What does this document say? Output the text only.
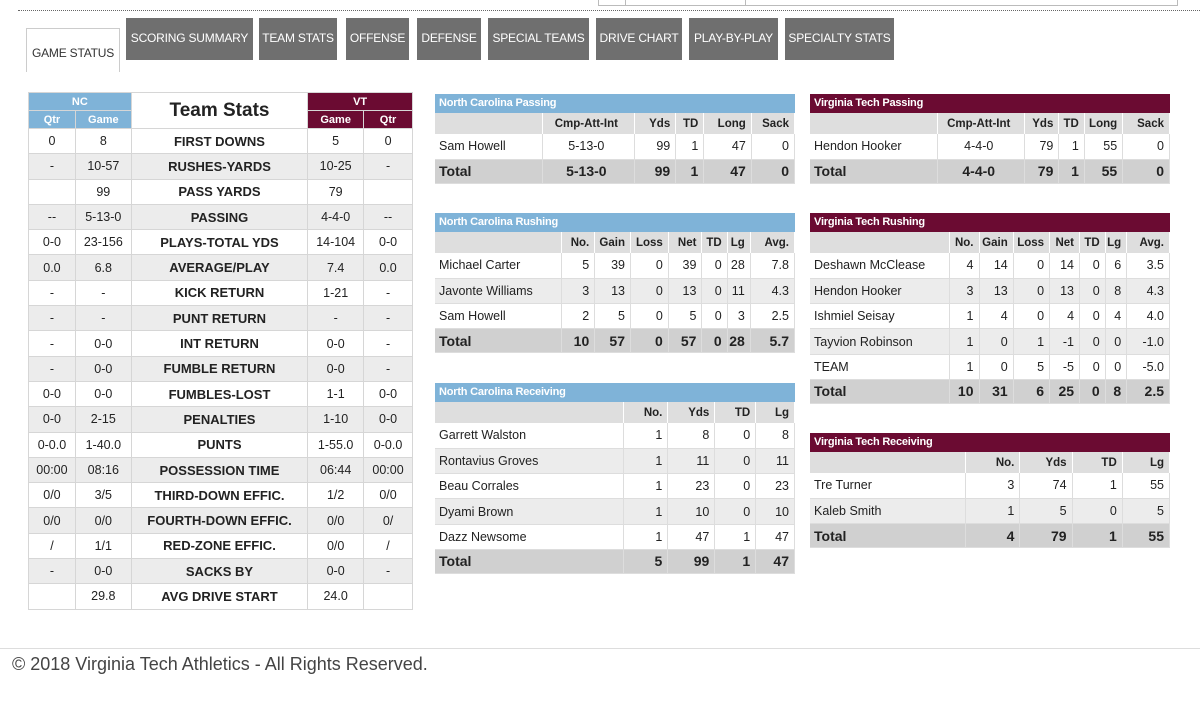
GAME STATUS
SCORING SUMMARY	TEAM STATS	OFFENSE	DEFENSE	SPECIAL TEAMS	DRIVE CHART	PLAY-BY-PLAY	SPECIALTY STATS
NC		Team Stats	VT	
Qtr	Game		Game	Qtr
0	8	FIRST DOWNS	5	0
-	10-57	RUSHES-YARDS	10-25	-
	99	PASS YARDS	79	
--	5-13-0	PASSING	4-4-0	--
0-0	23-156	PLAYS-TOTAL YDS	14-104	0-0
0.0	6.8	AVERAGE/PLAY	7.4	0.0
-	-	KICK RETURN	1-21	-
-	-	PUNT RETURN	-	-
-	0-0	INT RETURN	0-0	-
-	0-0	FUMBLE RETURN	0-0	-
0-0	0-0	FUMBLES-LOST	1-1	0-0
0-0	2-15	PENALTIES	1-10	0-0
0-0.0	1-40.0	PUNTS	1-55.0	0-0.0
00:00	08:16	POSSESSION TIME	06:44	00:00
0/0	3/5	THIRD-DOWN EFFIC.	1/2	0/0
0/0	0/0	FOURTH-DOWN EFFIC.	0/0	0/
/	1/1	RED-ZONE EFFIC.	0/0	/
-	0-0	SACKS BY	0-0	-
	29.8	AVG DRIVE START	24.0	
North Carolina Passing
	Cmp-Att-Int	Yds	TD	Long	Sack
Sam Howell	5-13-0	99	1	47	0
Total	5-13-0	99	1	47	0
North Carolina Rushing
	No.	Gain	Loss	Net	TD	Lg	Avg.
Michael Carter	5	39	0	39	0	28	7.8
Javonte Williams	3	13	0	13	0	11	4.3
Sam Howell	2	5	0	5	0	3	2.5
Total	10	57	0	57	0	28	5.7
North Carolina Receiving
	No.	Yds	TD	Lg
Garrett Walston	1	8	0	8
Rontavius Groves	1	11	0	11
Beau Corrales	1	23	0	23
Dyami Brown	1	10	0	10
Dazz Newsome	1	47	1	47
Total	5	99	1	47
Virginia Tech Passing
	Cmp-Att-Int	Yds	TD	Long	Sack
Hendon Hooker	4-4-0	79	1	55	0
Total	4-4-0	79	1	55	0
Virginia Tech Rushing
	No.	Gain	Loss	Net	TD	Lg	Avg.
Deshawn McClease	4	14	0	14	0	6	3.5
Hendon Hooker	3	13	0	13	0	8	4.3
Ishmiel Seisay	1	4	0	4	0	4	4.0
Tayvion Robinson	1	0	1	-1	0	0	-1.0
TEAM	1	0	5	-5	0	0	-5.0
Total	10	31	6	25	0	8	2.5
Virginia Tech Receiving
	No.	Yds	TD	Lg
Tre Turner	3	74	1	55
Kaleb Smith	1	5	0	5
Total	4	79	1	55
© 2018 Virginia Tech Athletics - All Rights Reserved.
